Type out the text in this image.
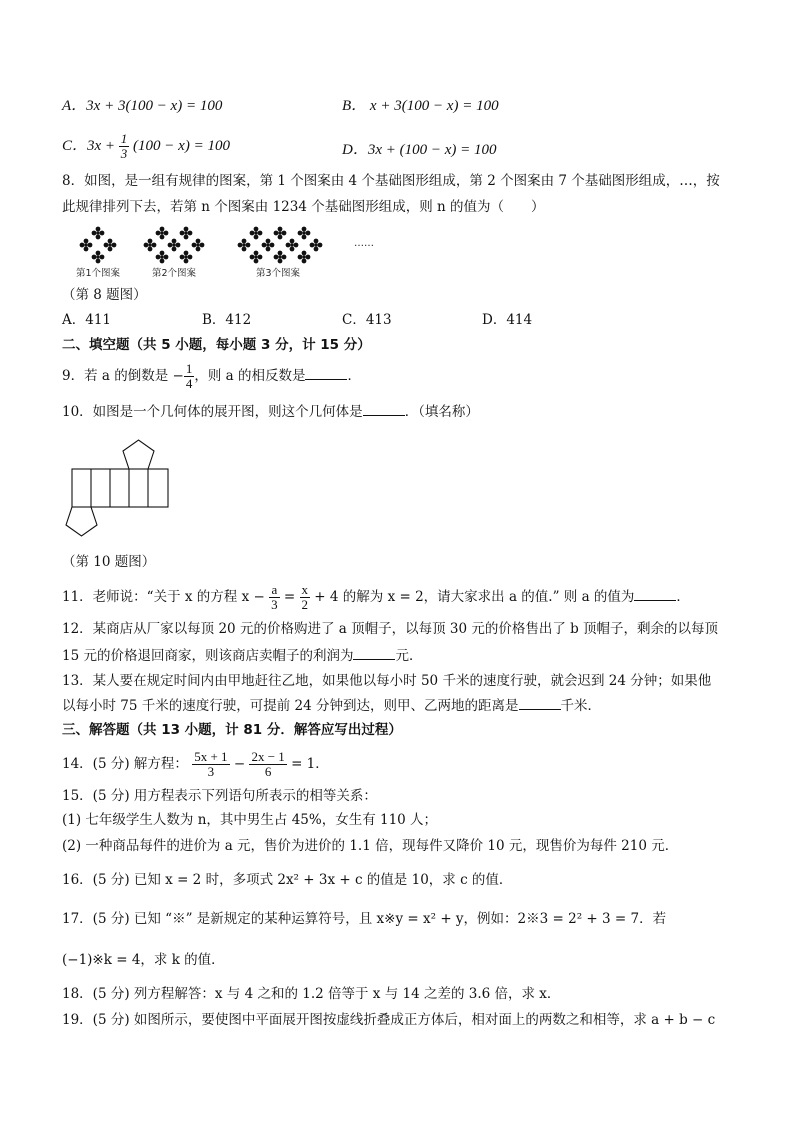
A．3x + 3(100 − x) = 100	B． x + 3(100 − x) = 100
C．$3x + \frac{1}{3} (100 - x) = 100$	D．3x + (100 − x) = 100
8．如图，是一组有规律的图案，第 1 个图案由 4 个基础图形组成，第 2 个图案由 7 个基础图形组成，…，按
此规律排列下去，若第 n 个图案由 1234 个基础图形组成，则 n 的值为（　　）
第1个图案	第2个图案	第3个图案
……
（第 8 题图）
A．411	B．412	C．413	D．414
二、填空题（共 5 小题，每小题 3 分，计 15 分）
9．若 a 的倒数是 − $\frac{1}{4}$ ，则 a 的相反数是	．
10．如图是一个几何体的展开图，则这个几何体是	．（填名称）
（第 10 题图）
11．老师说：“关于 x 的方程 $x - \frac{a}{3} = \frac{x}{2} + 4$ 的解为 x = 2，请大家求出 a 的值.” 则 a 的值为	．
12．某商店从厂家以每顶 20 元的价格购进了 a 顶帽子，以每顶 30 元的价格售出了 b 顶帽子，剩余的以每顶
15 元的价格退回商家，则该商店卖帽子的利润为	元．
13．某人要在规定时间内由甲地赶往乙地，如果他以每小时 50 千米的速度行驶，就会迟到 24 分钟；如果他
以每小时 75 千米的速度行驶，可提前 24 分钟到达，则甲、乙两地的距离是	千米．
三、解答题（共 13 小题，计 81 分．解答应写出过程）
14．(5 分) 解方程： $\frac{5x + 1}{3} - \frac{2x - 1}{6} = 1$．
15．(5 分) 用方程表示下列语句所表示的相等关系：
(1) 七年级学生人数为 n，其中男生占 45%，女生有 110 人；
(2) 一种商品每件的进价为 a 元，售价为进价的 1.1 倍，现每件又降价 10 元，现售价为每件 210 元．
16．(5 分) 已知 x = 2 时，多项式 2x² + 3x + c 的值是 10，求 c 的值．
17．(5 分) 已知 “※” 是新规定的某种运算符号，且 x※y = x² + y，例如：2※3 = 2² + 3 = 7．若
(−1)※k = 4，求 k 的值．
18．(5 分) 列方程解答：x 与 4 之和的 1.2 倍等于 x 与 14 之差的 3.6 倍，求 x．
19．(5 分) 如图所示，要使图中平面展开图按虚线折叠成正方体后，相对面上的两数之和相等，求 a + b − c
